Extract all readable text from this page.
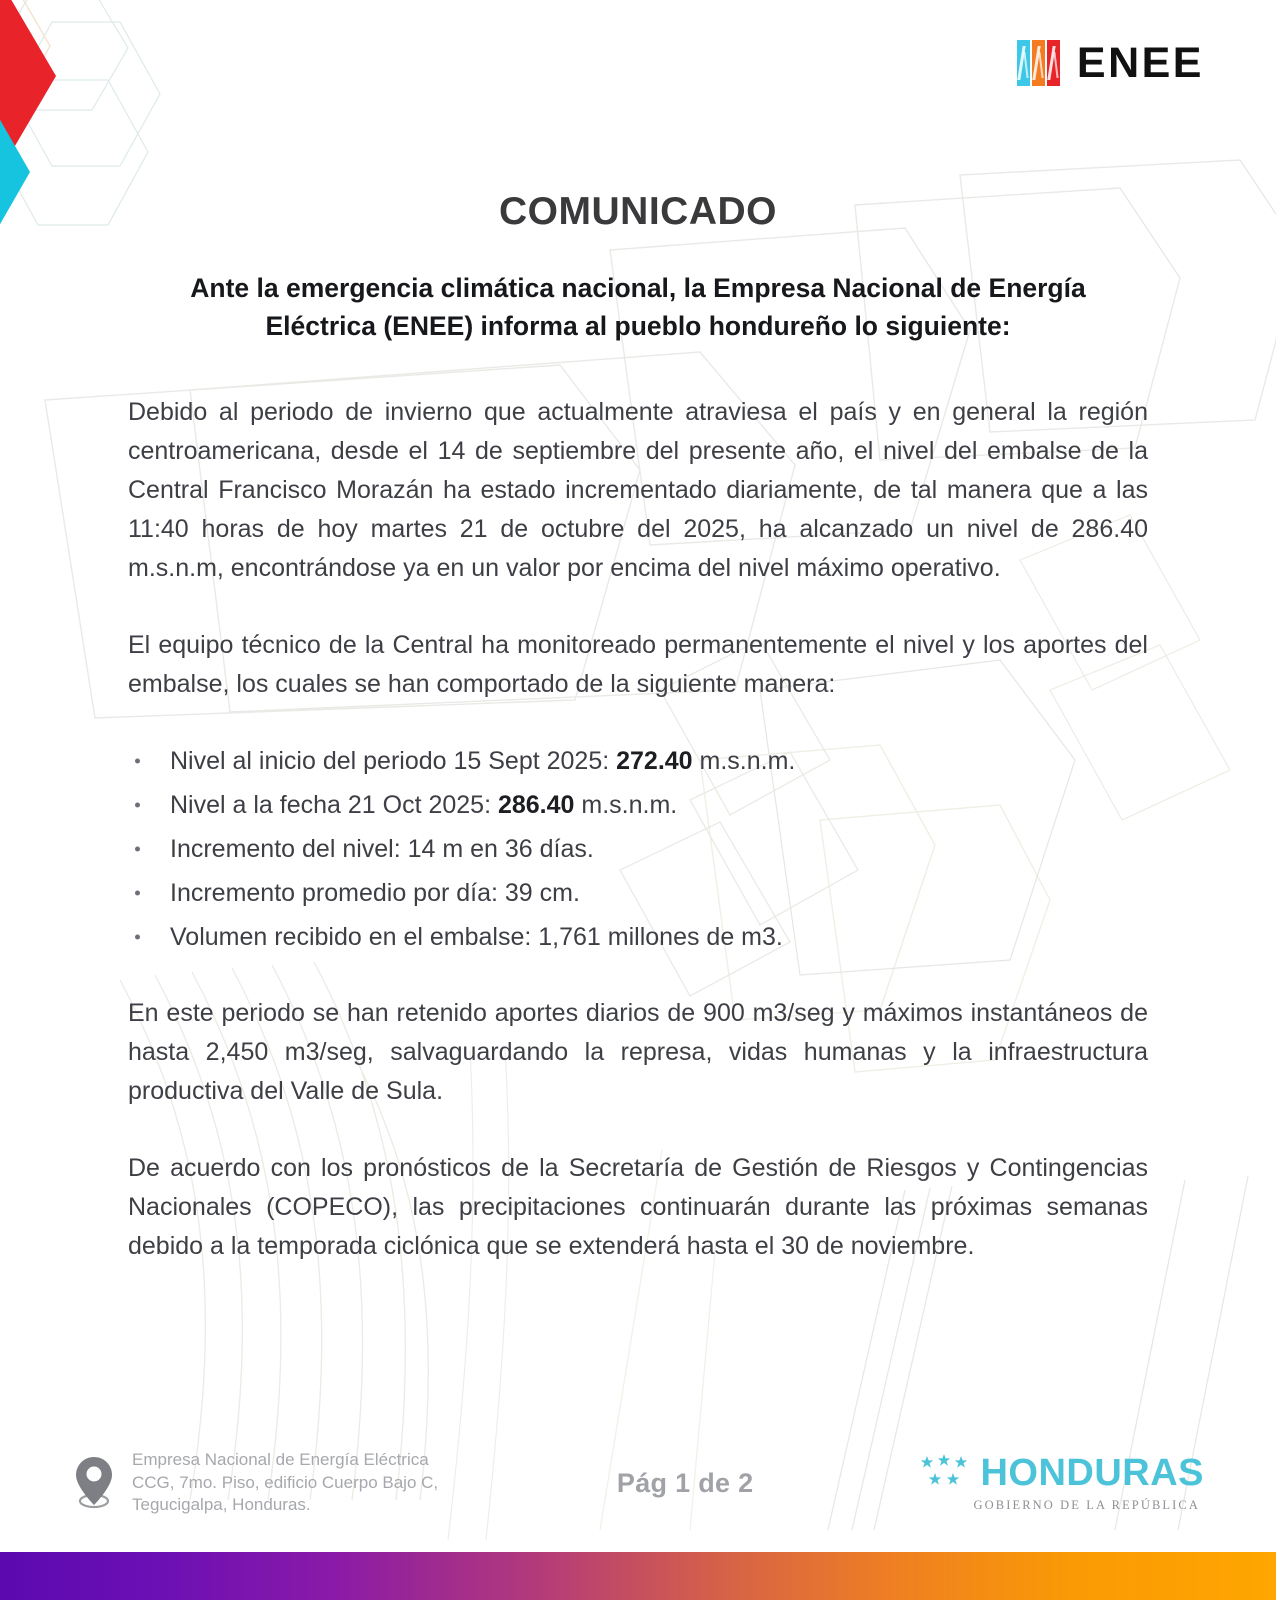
ENEE
COMUNICADO
Ante la emergencia climática nacional, la Empresa Nacional de Energía Eléctrica (ENEE) informa al pueblo hondureño lo siguiente:

Debido al periodo de invierno que actualmente atraviesa el país y en general la región centroamericana, desde el 14 de septiembre del presente año, el nivel del embalse de la Central Francisco Morazán ha estado incrementado diariamente, de tal manera que a las 11:40 horas de hoy martes 21 de octubre del 2025, ha alcanzado un nivel de 286.40 m.s.n.m, encontrándose ya en un valor por encima del nivel máximo operativo.

El equipo técnico de la Central ha monitoreado permanentemente el nivel y los aportes del embalse, los cuales se han comportado de la siguiente manera:

Nivel al inicio del periodo 15 Sept 2025: 272.40 m.s.n.m.
Nivel a la fecha 21 Oct 2025: 286.40 m.s.n.m.
Incremento del nivel: 14 m en 36 días.
Incremento promedio por día: 39 cm.
Volumen recibido en el embalse: 1,761 millones de m3.

En este periodo se han retenido aportes diarios de 900 m3/seg y máximos instantáneos de hasta 2,450 m3/seg, salvaguardando la represa, vidas humanas y la infraestructura productiva del Valle de Sula.

De acuerdo con los pronósticos de la Secretaría de Gestión de Riesgos y Contingencias Nacionales (COPECO), las precipitaciones continuarán durante las próximas semanas debido a la temporada ciclónica que se extenderá hasta el 30 de noviembre.

Empresa Nacional de Energía Eléctrica
CCG, 7mo. Piso, edificio Cuerpo Bajo C,
Tegucigalpa, Honduras.
Pág 1 de 2	HONDURAS
GOBIERNO DE LA REPÚBLICA
